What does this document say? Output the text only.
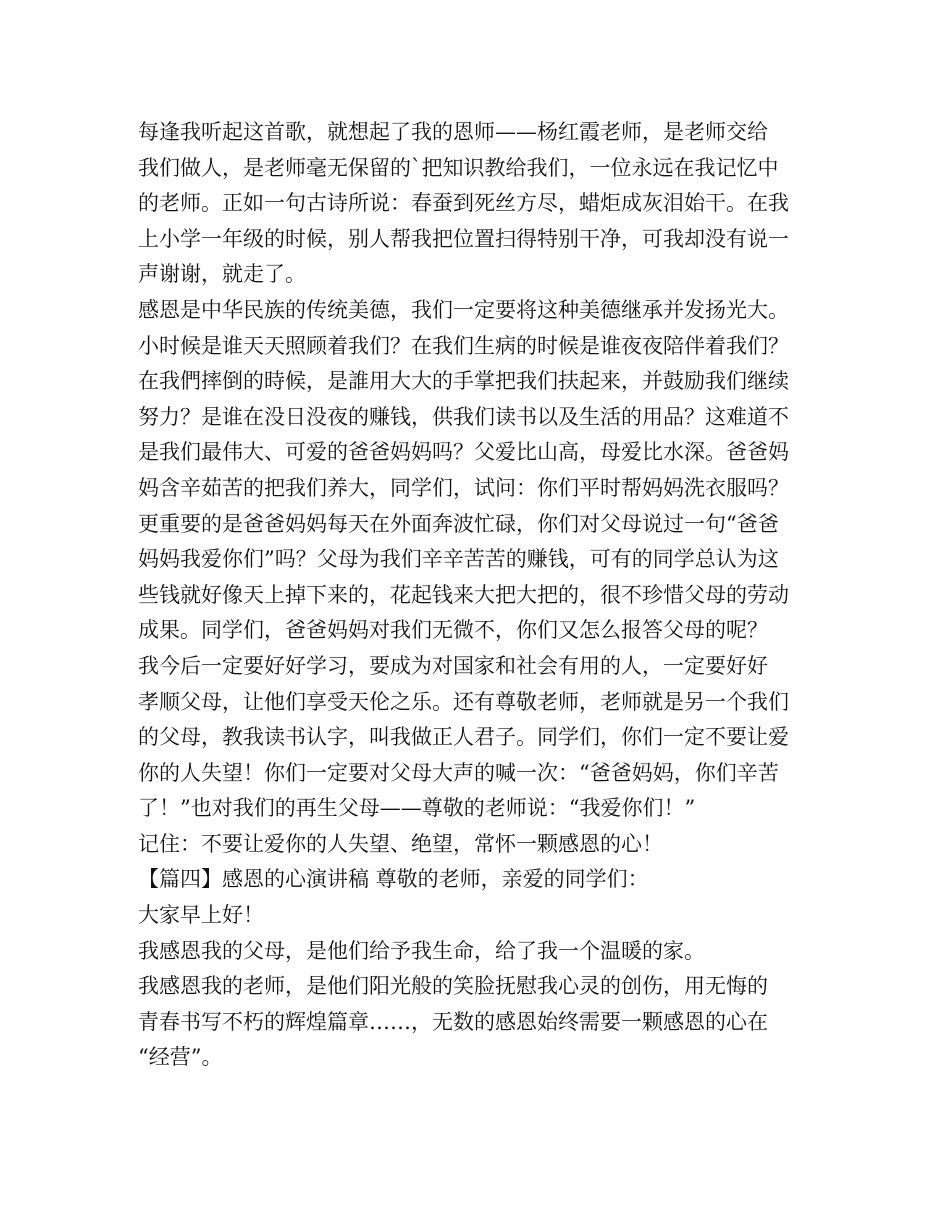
每逢我听起这首歌，就想起了我的恩师——杨红霞老师，是老师交给
我们做人，是老师毫无保留的`把知识教给我们，一位永远在我记忆中
的老师。正如一句古诗所说：春蚕到死丝方尽，蜡炬成灰泪始干。在我
上小学一年级的时候，别人帮我把位置扫得特别干净，可我却没有说一
声谢谢，就走了。
感恩是中华民族的传统美德，我们一定要将这种美德继承并发扬光大。
小时候是谁天天照顾着我们？在我们生病的时候是谁夜夜陪伴着我们？
在我們摔倒的時候，是誰用大大的手掌把我们扶起来，并鼓励我们继续
努力？是谁在没日没夜的赚钱，供我们读书以及生活的用品？这难道不
是我们最伟大、可爱的爸爸妈妈吗？父爱比山高，母爱比水深。爸爸妈
妈含辛茹苦的把我们养大，同学们，试问：你们平时帮妈妈洗衣服吗？
更重要的是爸爸妈妈每天在外面奔波忙碌，你们对父母说过一句“爸爸
妈妈我爱你们”吗？父母为我们辛辛苦苦的赚钱，可有的同学总认为这
些钱就好像天上掉下来的，花起钱来大把大把的，很不珍惜父母的劳动
成果。同学们，爸爸妈妈对我们无微不，你们又怎么报答父母的呢？
我今后一定要好好学习，要成为对国家和社会有用的人，一定要好好
孝顺父母，让他们享受天伦之乐。还有尊敬老师，老师就是另一个我们
的父母，教我读书认字，叫我做正人君子。同学们，你们一定不要让爱
你的人失望！你们一定要对父母大声的喊一次：“爸爸妈妈，你们辛苦
了！”也对我们的再生父母——尊敬的老师说：“我爱你们！”
记住：不要让爱你的人失望、绝望，常怀一颗感恩的心！
【篇四】感恩的心演讲稿 尊敬的老师，亲爱的同学们：
大家早上好！
我感恩我的父母，是他们给予我生命，给了我一个温暖的家。
我感恩我的老师，是他们阳光般的笑脸抚慰我心灵的创伤，用无悔的
青春书写不朽的辉煌篇章……，无数的感恩始终需要一颗感恩的心在
“经营”。
